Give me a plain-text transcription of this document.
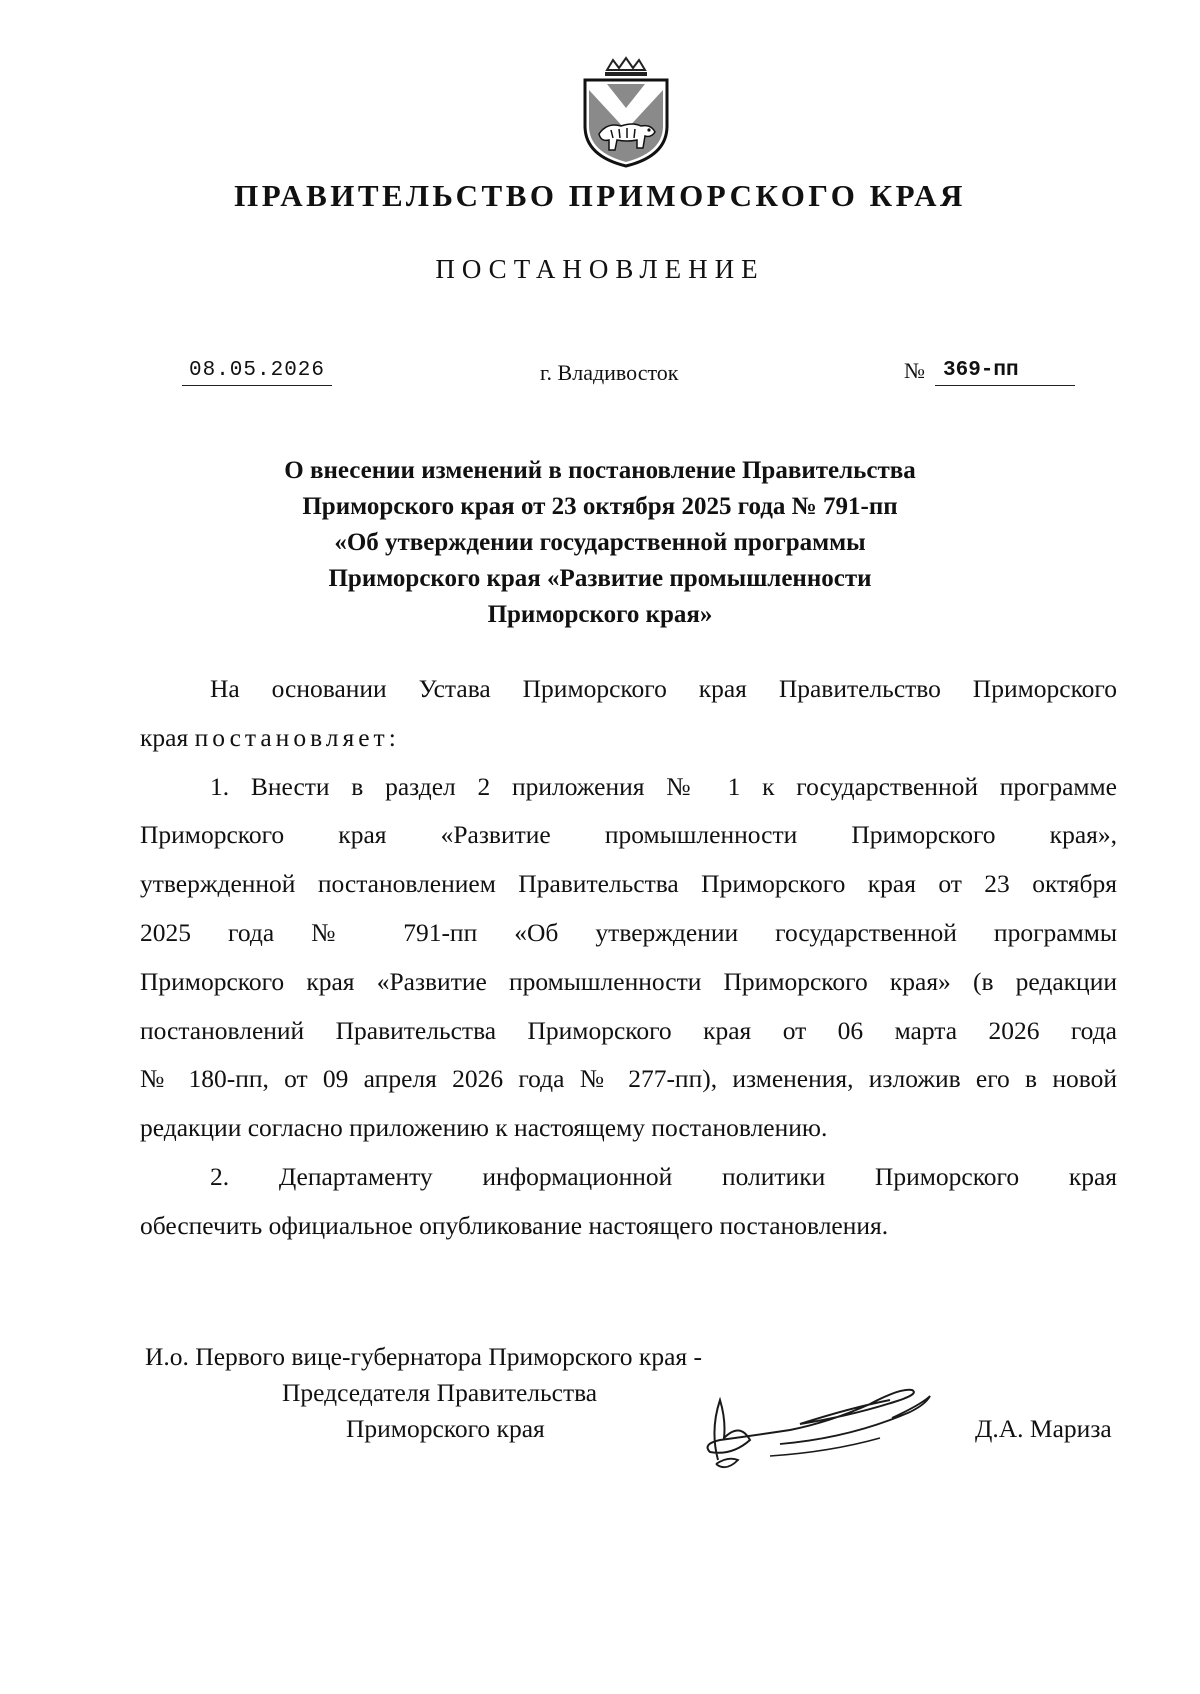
ПРАВИТЕЛЬСТВО ПРИМОРСКОГО КРАЯ
ПОСТАНОВЛЕНИЕ
08.05.2026	г. Владивосток	№ 369-пп
О внесении изменений в постановление Правительства
Приморского края от 23 октября 2025 года № 791-пп
«Об утверждении государственной программы
Приморского края «Развитие промышленности
Приморского края»
На основании Устава Приморского края Правительство Приморского
края постановляет:
1. Внести в раздел 2 приложения № 1 к государственной программе
Приморского края «Развитие промышленности Приморского края»,
утвержденной постановлением Правительства Приморского края от 23 октября
2025 года № 791-пп «Об утверждении государственной программы
Приморского края «Развитие промышленности Приморского края» (в редакции
постановлений Правительства Приморского края от 06 марта 2026 года
№ 180-пп, от 09 апреля 2026 года № 277-пп), изменения, изложив его в новой
редакции согласно приложению к настоящему постановлению.
2. Департаменту информационной политики Приморского края
обеспечить официальное опубликование настоящего постановления.
И.о. Первого вице-губернатора Приморского края -
Председателя Правительства
Приморского края	Д.А. Мариза
